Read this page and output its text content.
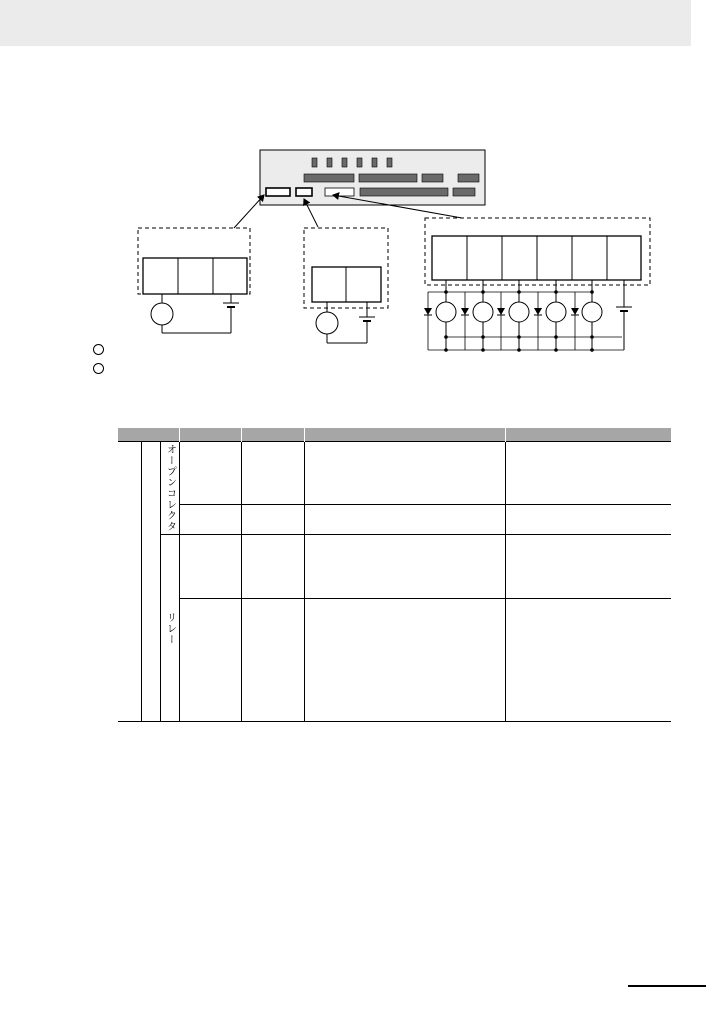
		オープンコレクタ				

		リレー				
